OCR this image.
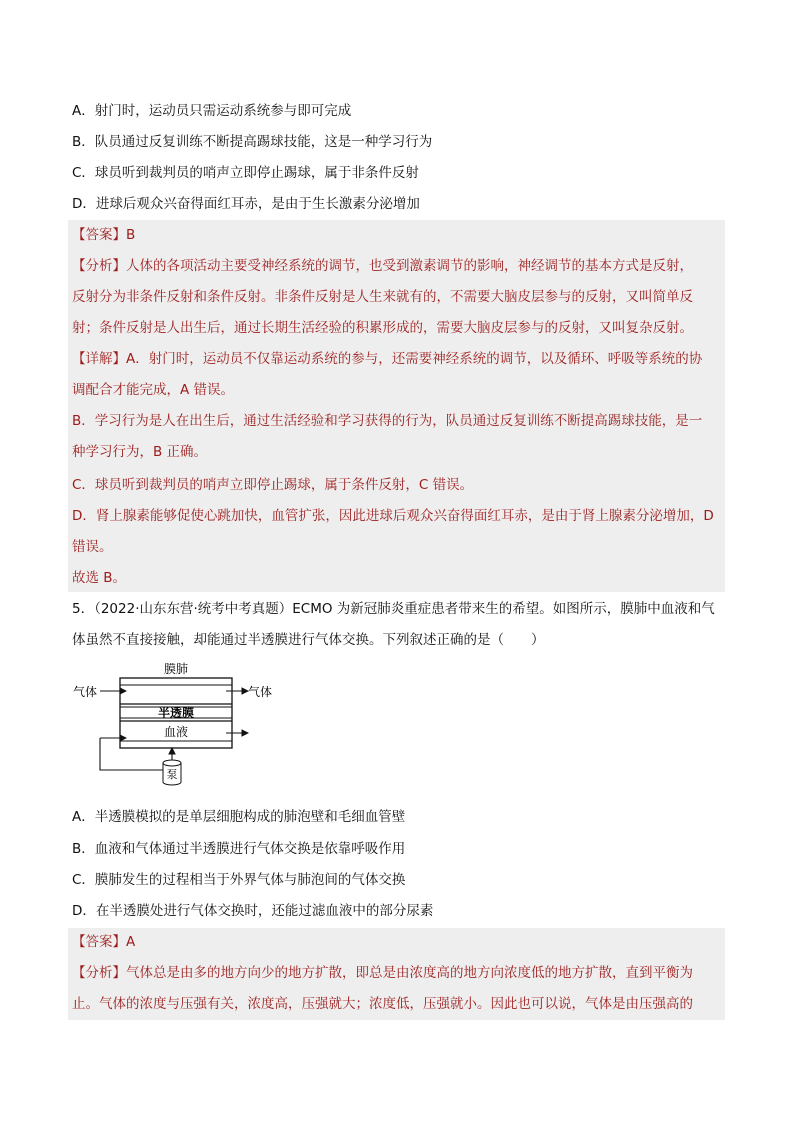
A．射门时，运动员只需运动系统参与即可完成
B．队员通过反复训练不断提高踢球技能，这是一种学习行为
C．球员听到裁判员的哨声立即停止踢球，属于非条件反射
D．进球后观众兴奋得面红耳赤，是由于生长激素分泌增加
【答案】B
【分析】人体的各项活动主要受神经系统的调节，也受到激素调节的影响，神经调节的基本方式是反射，
反射分为非条件反射和条件反射。非条件反射是人生来就有的，不需要大脑皮层参与的反射，又叫简单反
射；条件反射是人出生后，通过长期生活经验的积累形成的，需要大脑皮层参与的反射，又叫复杂反射。
【详解】A．射门时，运动员不仅靠运动系统的参与，还需要神经系统的调节，以及循环、呼吸等系统的协
调配合才能完成，A 错误。
B．学习行为是人在出生后，通过生活经验和学习获得的行为，队员通过反复训练不断提高踢球技能，是一
种学习行为，B 正确。
C．球员听到裁判员的哨声立即停止踢球，属于条件反射，C 错误。
D．肾上腺素能够促使心跳加快，血管扩张，因此进球后观众兴奋得面红耳赤，是由于肾上腺素分泌增加，D
错误。
故选 B。
5．（2022·山东东营·统考中考真题）ECMO 为新冠肺炎重症患者带来生的希望。如图所示，膜肺中血液和气
体虽然不直接接触，却能通过半透膜进行气体交换。下列叙述正确的是（　　）
膜肺
半透膜
血液
气体	气体
泵
A．半透膜模拟的是单层细胞构成的肺泡壁和毛细血管壁
B．血液和气体通过半透膜进行气体交换是依靠呼吸作用
C．膜肺发生的过程相当于外界气体与肺泡间的气体交换
D．在半透膜处进行气体交换时，还能过滤血液中的部分尿素
【答案】A
【分析】气体总是由多的地方向少的地方扩散，即总是由浓度高的地方向浓度低的地方扩散，直到平衡为
止。气体的浓度与压强有关，浓度高，压强就大；浓度低，压强就小。因此也可以说，气体是由压强高的
